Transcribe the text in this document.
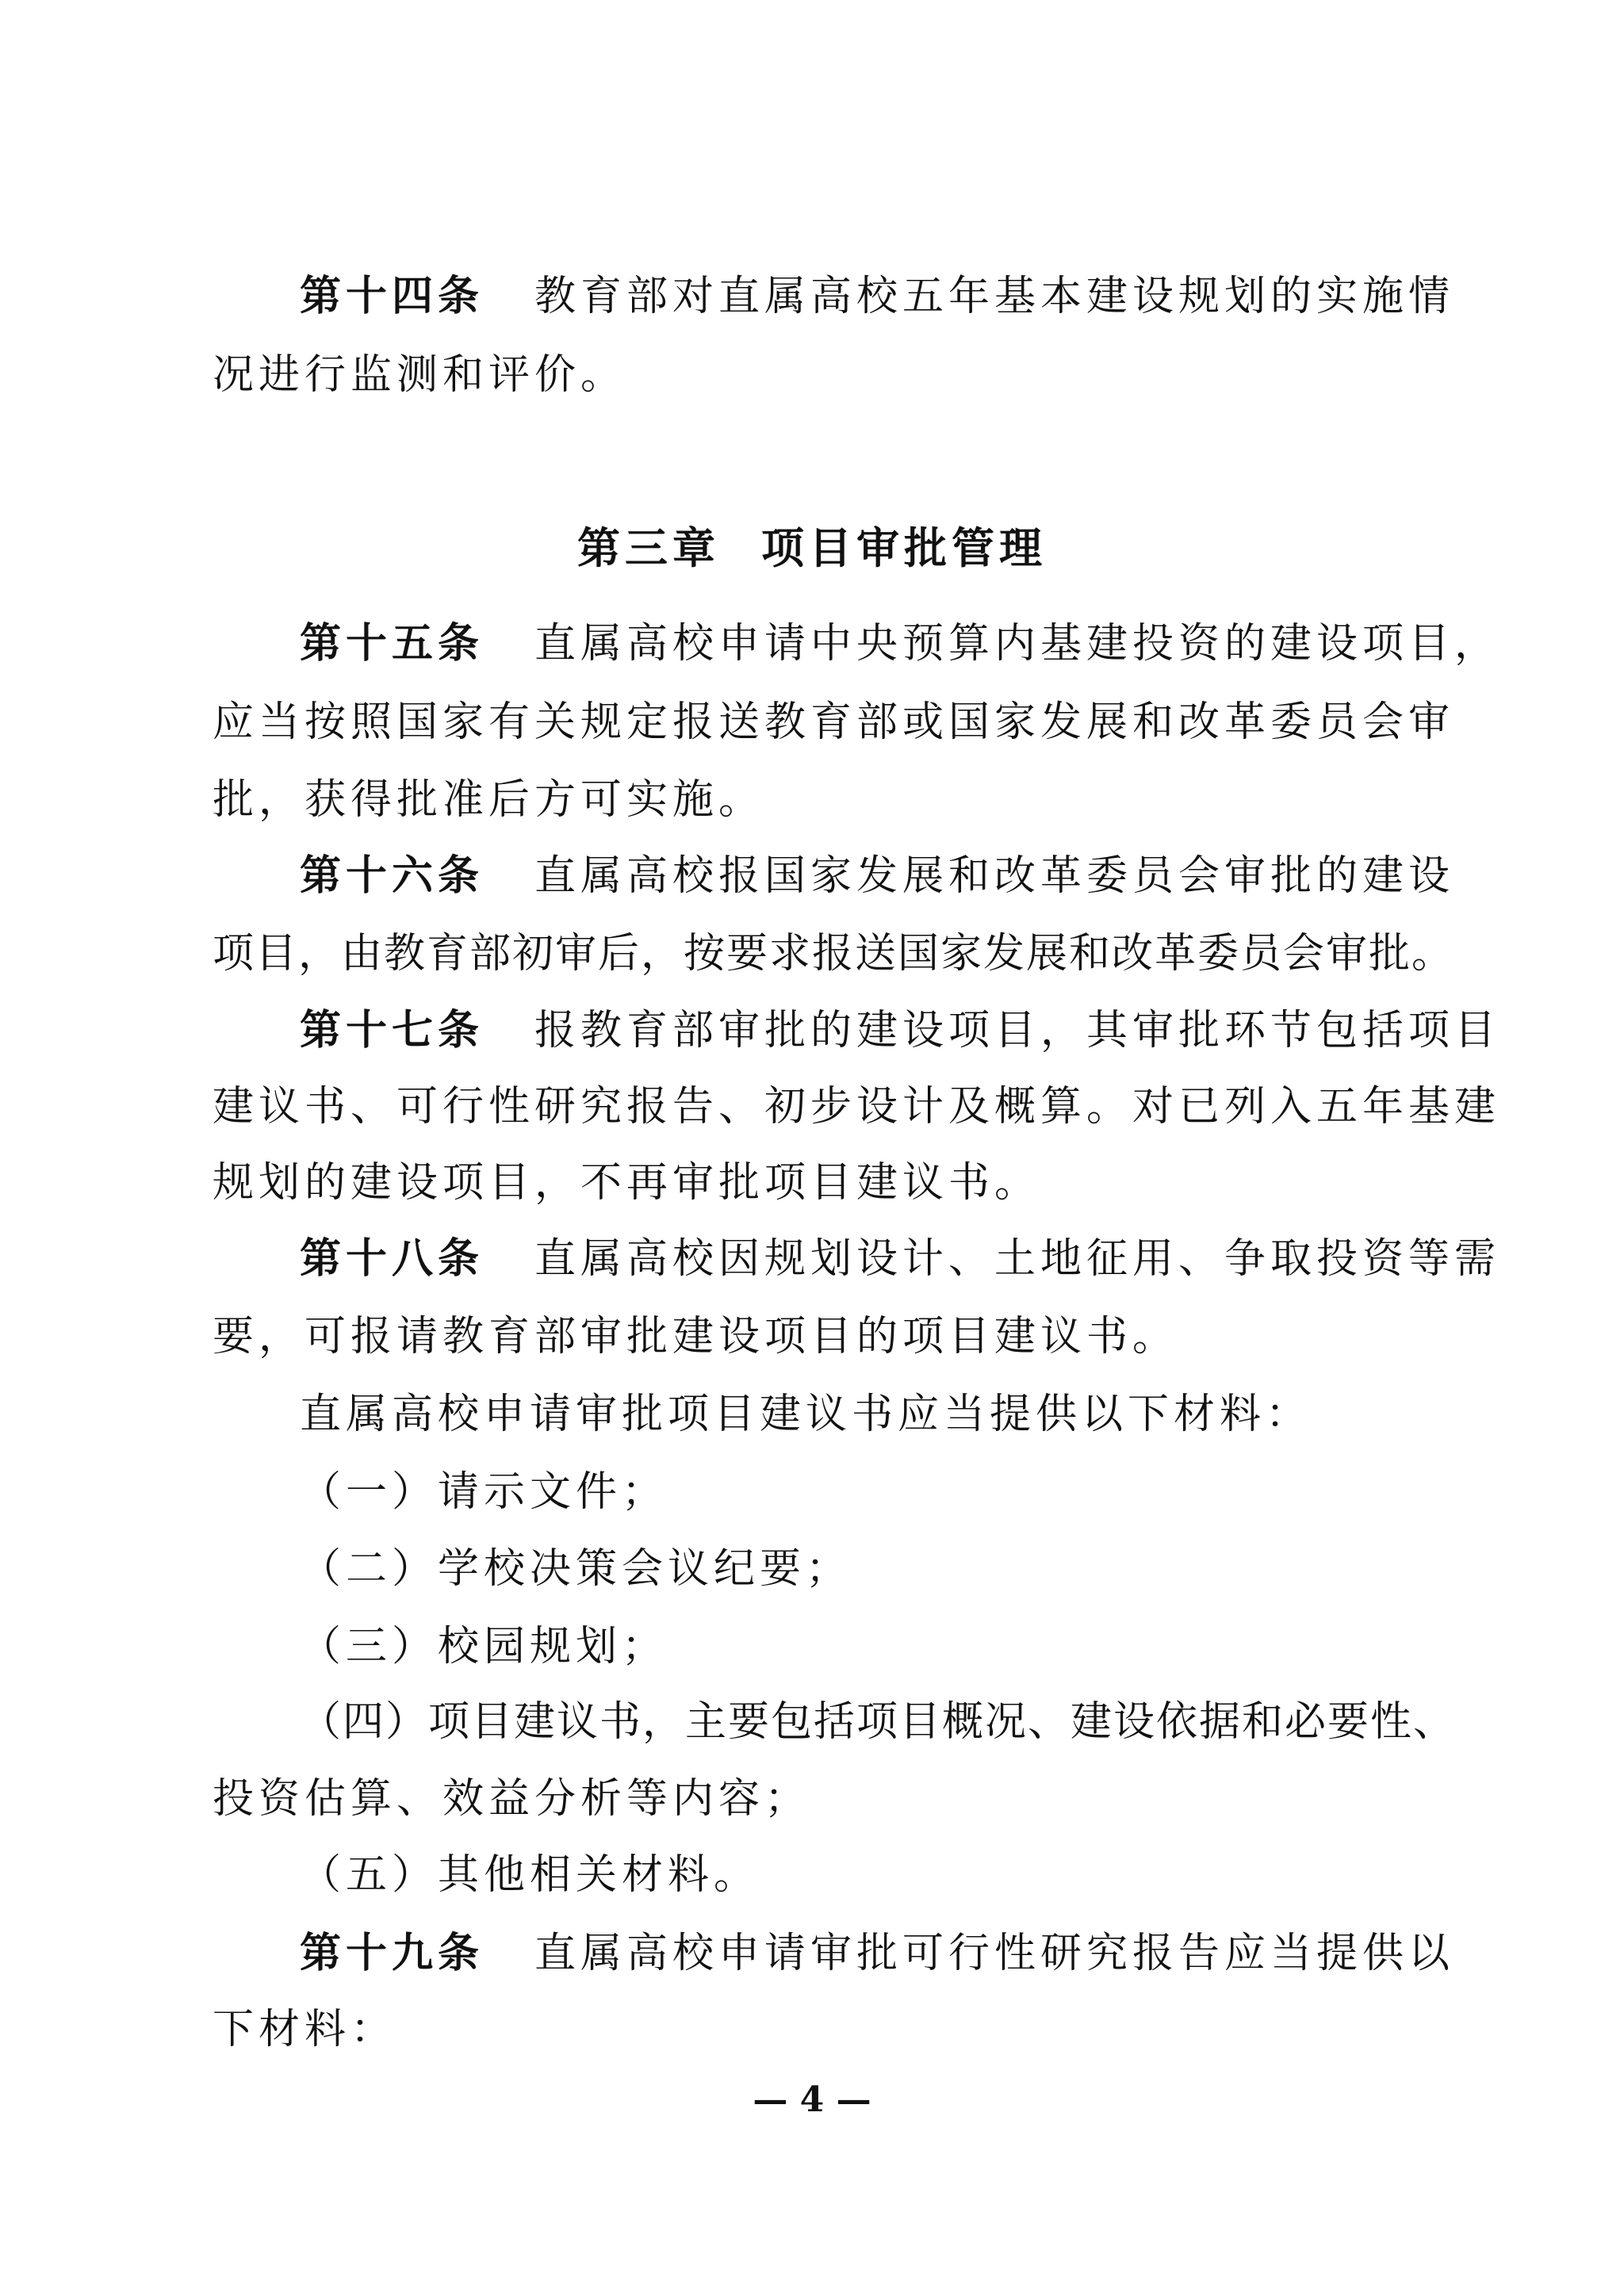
第十四条 教育部对直属高校五年基本建设规划的实施情
况进行监测和评价。
第三章 项目审批管理
第十五条 直属高校申请中央预算内基建投资的建设项目，
应当按照国家有关规定报送教育部或国家发展和改革委员会审
批，获得批准后方可实施。
第十六条 直属高校报国家发展和改革委员会审批的建设
项目，由教育部初审后，按要求报送国家发展和改革委员会审批。
第十七条 报教育部审批的建设项目，其审批环节包括项目
建议书、可行性研究报告、初步设计及概算。对已列入五年基建
规划的建设项目，不再审批项目建议书。
第十八条 直属高校因规划设计、土地征用、争取投资等需
要，可报请教育部审批建设项目的项目建议书。
直属高校申请审批项目建议书应当提供以下材料：
（一）请示文件；
（二）学校决策会议纪要；
（三）校园规划；
（四）项目建议书，主要包括项目概况、建设依据和必要性、
投资估算、效益分析等内容；
（五）其他相关材料。
第十九条 直属高校申请审批可行性研究报告应当提供以
下材料：
— 4 —
